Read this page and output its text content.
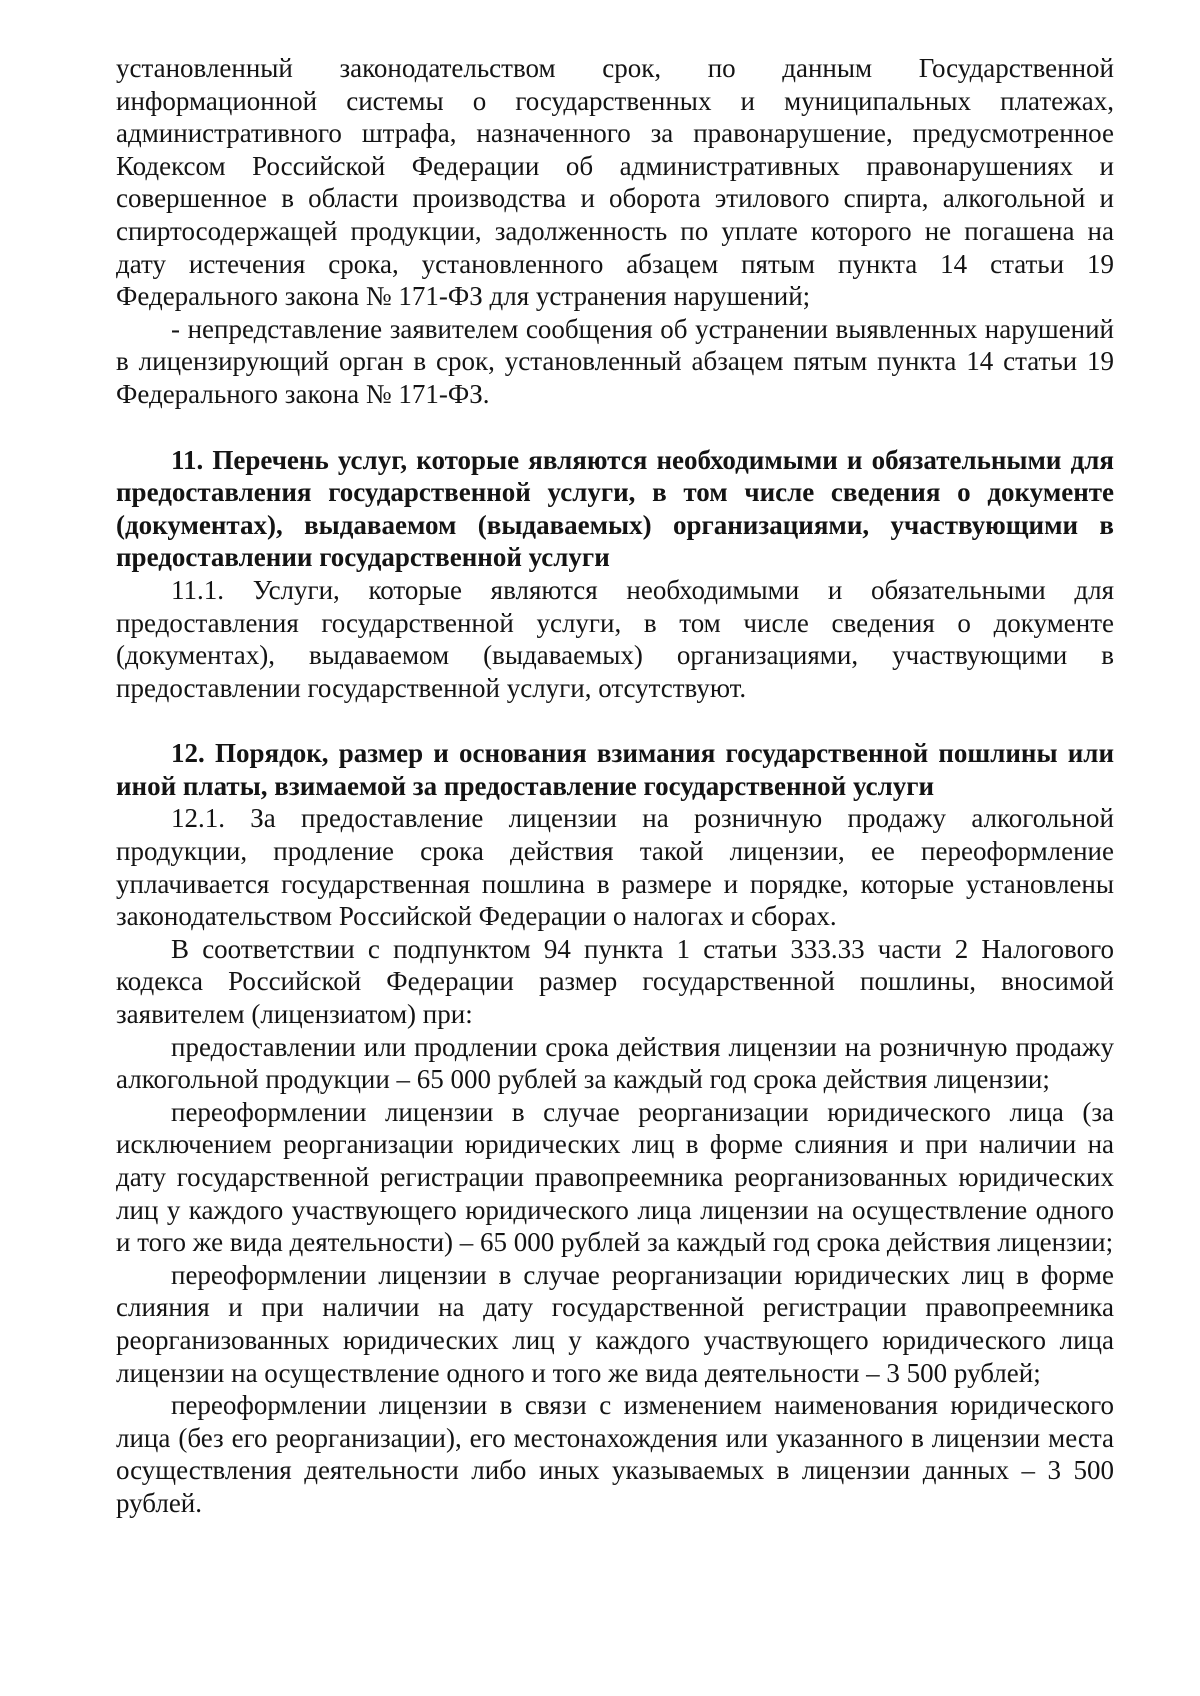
установленный законодательством срок, по данным Государственной информационной системы о государственных и муниципальных платежах, административного штрафа, назначенного за правонарушение, предусмотренное Кодексом Российской Федерации об административных правонарушениях и совершенное в области производства и оборота этилового спирта, алкогольной и спиртосодержащей продукции, задолженность по уплате которого не погашена на дату истечения срока, установленного абзацем пятым пункта 14 статьи 19 Федерального закона № 171-ФЗ для устранения нарушений;

- непредставление заявителем сообщения об устранении выявленных нарушений в лицензирующий орган в срок, установленный абзацем пятым пункта 14 статьи 19 Федерального закона № 171-ФЗ.

11. Перечень услуг, которые являются необходимыми и обязательными для предоставления государственной услуги, в том числе сведения о документе (документах), выдаваемом (выдаваемых) организациями, участвующими в предоставлении государственной услуги

11.1. Услуги, которые являются необходимыми и обязательными для предоставления государственной услуги, в том числе сведения о документе (документах), выдаваемом (выдаваемых) организациями, участвующими в предоставлении государственной услуги, отсутствуют.

12. Порядок, размер и основания взимания государственной пошлины или иной платы, взимаемой за предоставление государственной услуги

12.1. За предоставление лицензии на розничную продажу алкогольной продукции, продление срока действия такой лицензии, ее переоформление уплачивается государственная пошлина в размере и порядке, которые установлены законодательством Российской Федерации о налогах и сборах.

В соответствии с подпунктом 94 пункта 1 статьи 333.33 части 2 Налогового кодекса Российской Федерации размер государственной пошлины, вносимой заявителем (лицензиатом) при:

предоставлении или продлении срока действия лицензии на розничную продажу алкогольной продукции – 65 000 рублей за каждый год срока действия лицензии;

переоформлении лицензии в случае реорганизации юридического лица (за исключением реорганизации юридических лиц в форме слияния и при наличии на дату государственной регистрации правопреемника реорганизованных юридических лиц у каждого участвующего юридического лица лицензии на осуществление одного и того же вида деятельности) – 65 000 рублей за каждый год срока действия лицензии;

переоформлении лицензии в случае реорганизации юридических лиц в форме слияния и при наличии на дату государственной регистрации правопреемника реорганизованных юридических лиц у каждого участвующего юридического лица лицензии на осуществление одного и того же вида деятельности – 3 500 рублей;

переоформлении лицензии в связи с изменением наименования юридического лица (без его реорганизации), его местонахождения или указанного в лицензии места осуществления деятельности либо иных указываемых в лицензии данных – 3 500 рублей.
